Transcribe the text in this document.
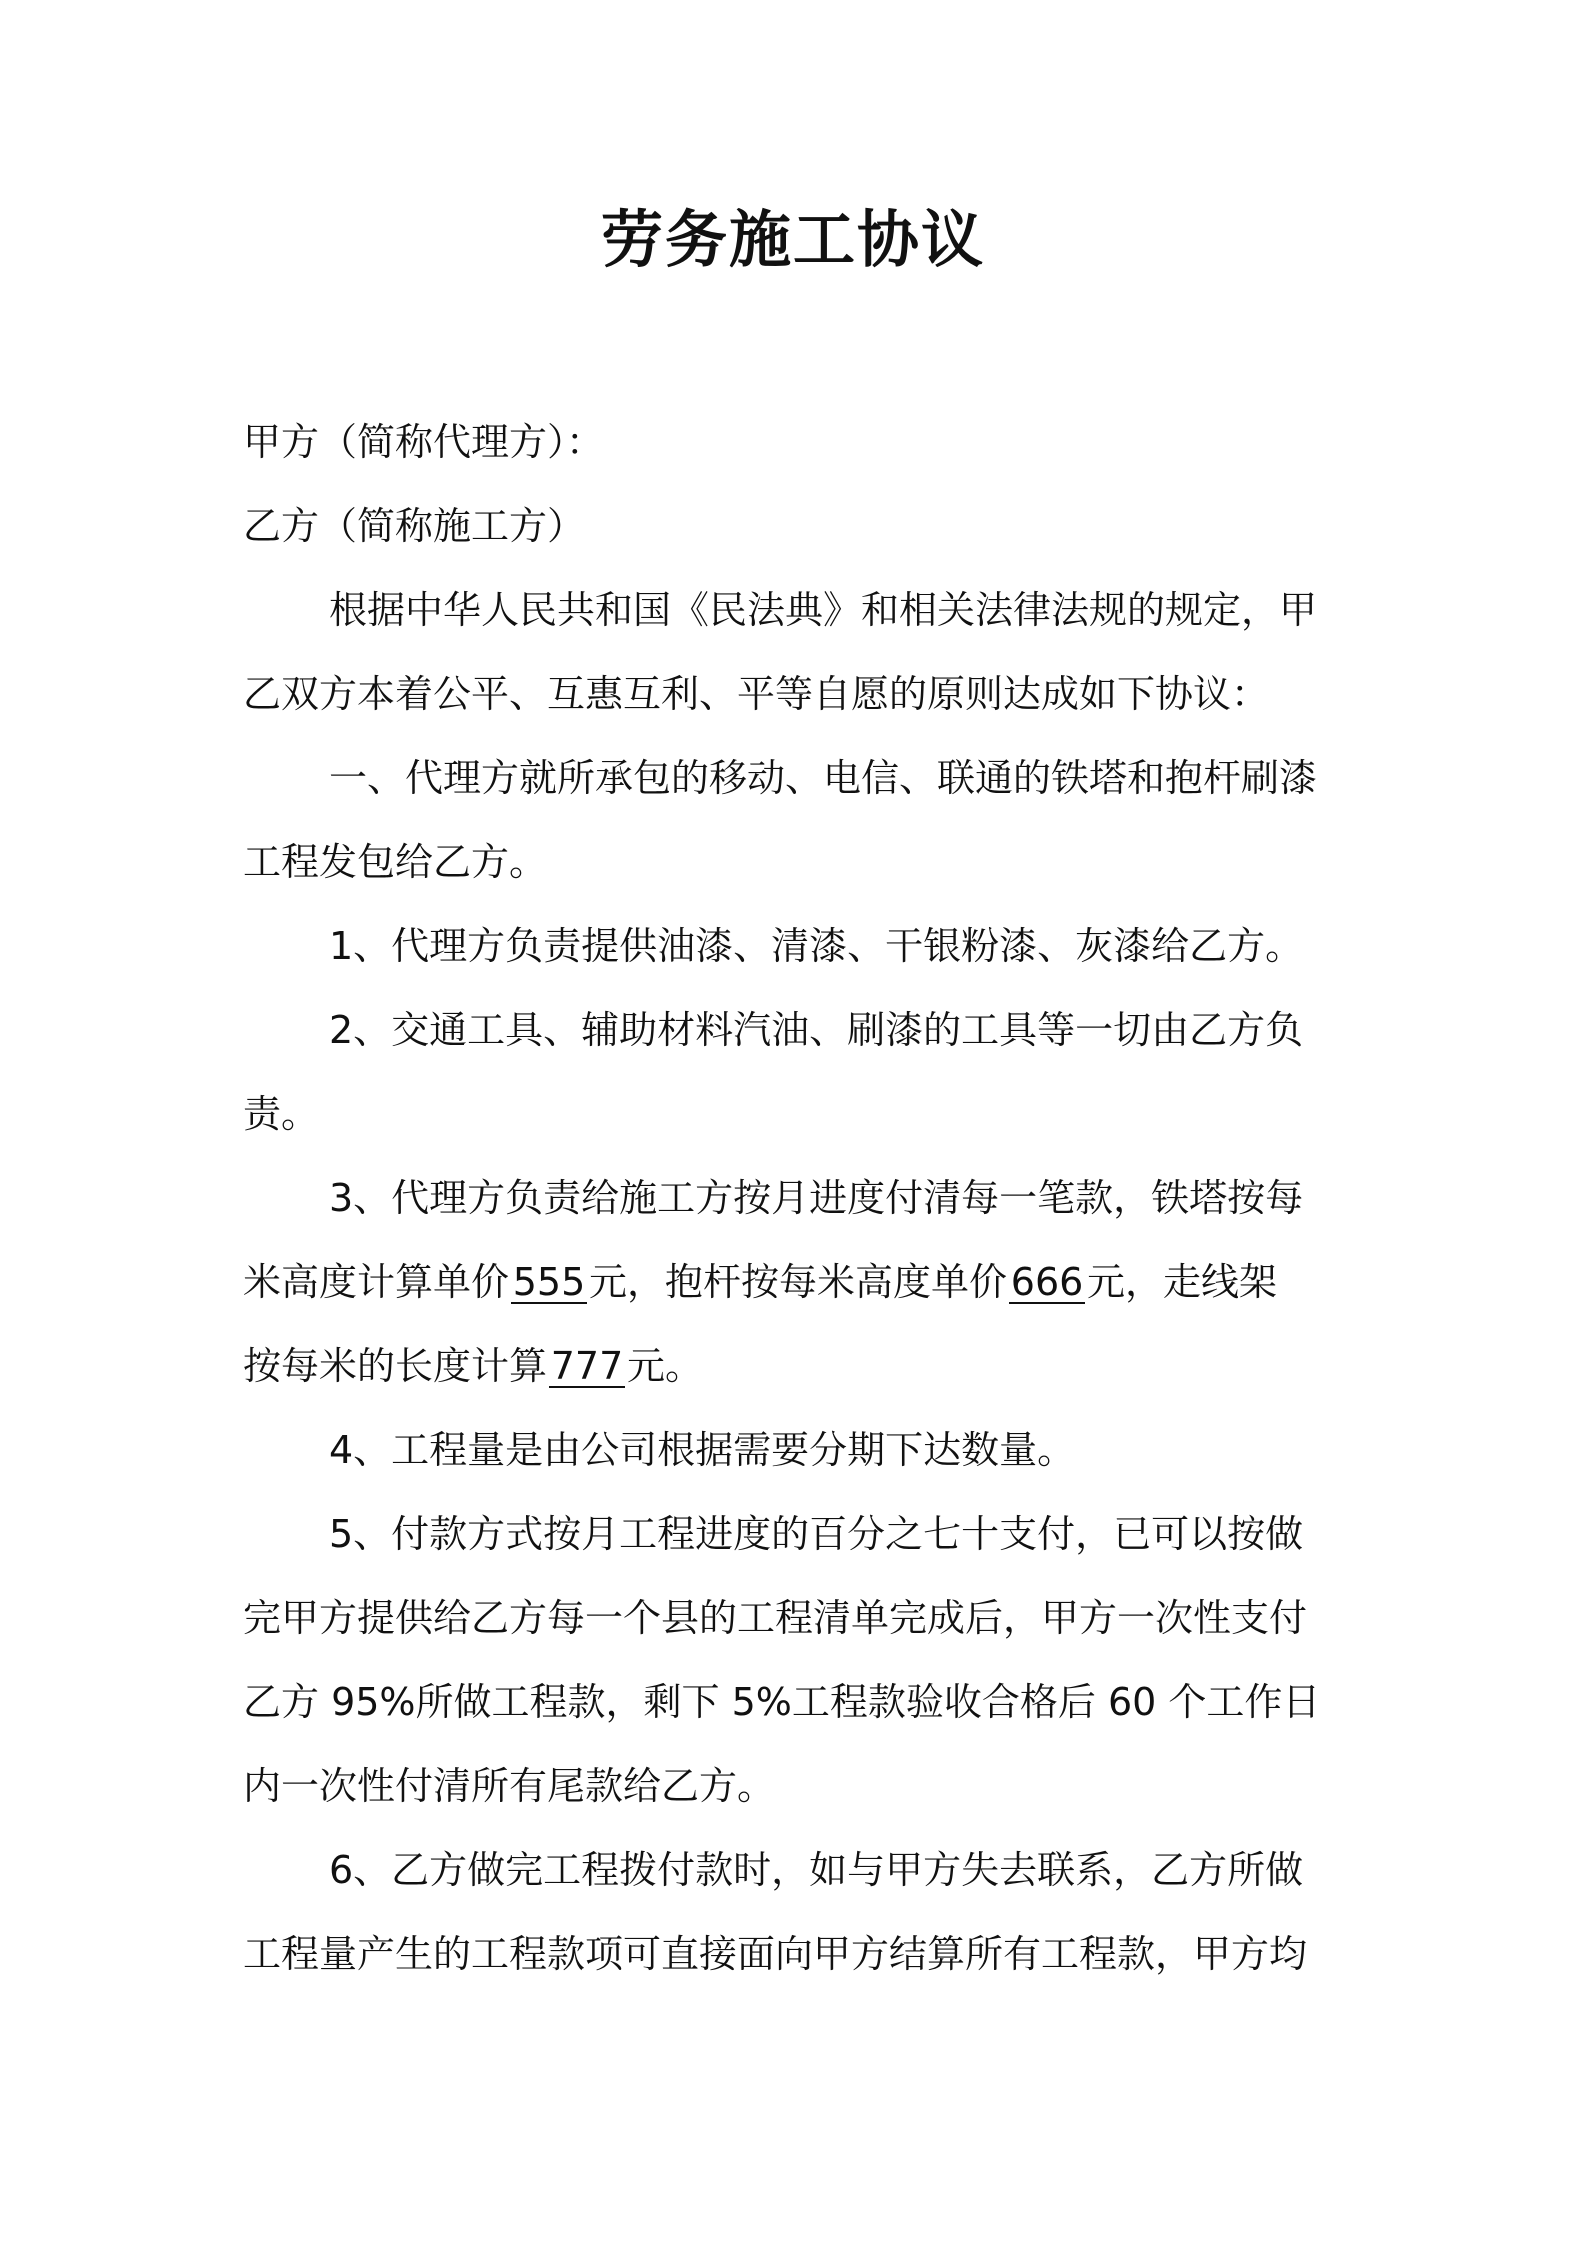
劳务施工协议
甲方（简称代理方）：
乙方（简称施工方）
根据中华人民共和国《民法典》和相关法律法规的规定，甲
乙双方本着公平、互惠互利、平等自愿的原则达成如下协议：
一、代理方就所承包的移动、电信、联通的铁塔和抱杆刷漆
工程发包给乙方。
1、代理方负责提供油漆、清漆、干银粉漆、灰漆给乙方。
2、交通工具、辅助材料汽油、刷漆的工具等一切由乙方负
责。
3、代理方负责给施工方按月进度付清每一笔款，铁塔按每
米高度计算单价555元，抱杆按每米高度单价666元，走线架
按每米的长度计算777元。
4、工程量是由公司根据需要分期下达数量。
5、付款方式按月工程进度的百分之七十支付，已可以按做
完甲方提供给乙方每一个县的工程清单完成后，甲方一次性支付
乙方 95%所做工程款，剩下 5%工程款验收合格后 60 个工作日
内一次性付清所有尾款给乙方。
6、乙方做完工程拨付款时，如与甲方失去联系，乙方所做
工程量产生的工程款项可直接面向甲方结算所有工程款，甲方均
